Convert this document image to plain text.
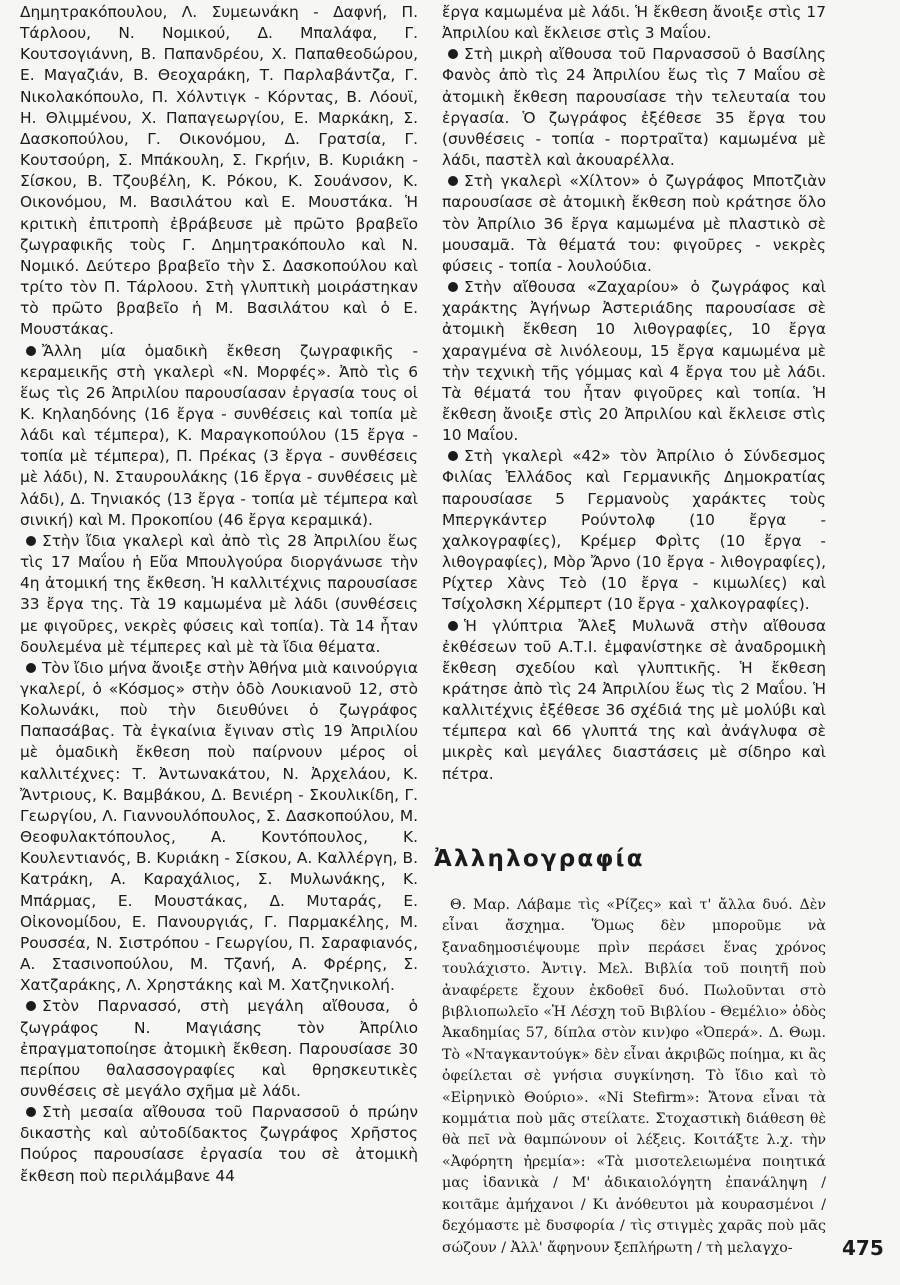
Δημητρακόπουλου, Λ. Συμεωνάκη - Δαφνή, Π. Τάρλοου, Ν. Νομικού, Δ. Μπαλάφα, Γ. Κουτσογιάννη, Β. Παπανδρέου, Χ. Παπαθεοδώρου, Ε. Μαγαζιάν, Β. Θεοχαράκη, Τ. Παρλαβάντζα, Γ. Νικολακόπουλο, Π. Χόλντιγκ - Κόρντας, Β. Λόουϊ, Η. Θλιμμένου, Χ. Παπαγεωργίου, Ε. Μαρκάκη, Σ. Δασκοπούλου, Γ. Οικονόμου, Δ. Γρατσία, Γ. Κουτσούρη, Σ. Μπάκουλη, Σ. Γκρήιν, Β. Κυριάκη - Σίσκου, Β. Τζουβέλη, Κ. Ρόκου, Κ. Σουάνσον, Κ. Οικονόμου, Μ. Βασιλάτου καὶ Ε. Μουστάκα. Ἡ κριτικὴ ἐπιτροπὴ ἐβράβευσε μὲ πρῶτο βραβεῖο ζωγραφικῆς τοὺς Γ. Δημητρακόπουλο καὶ Ν. Νομικό. Δεύτερο βραβεῖο τὴν Σ. Δασκοπούλου καὶ τρίτο τὸν Π. Τάρλοου. Στὴ γλυπτικὴ μοιράστηκαν τὸ πρῶτο βραβεῖο ἡ Μ. Βασιλάτου καὶ ὁ Ε. Μουστάκας.

Ἄλλη μία ὁμαδικὴ ἔκθεση ζωγραφικῆς - κεραμεικῆς στὴ γκαλερὶ «Ν. Μορφές». Ἀπὸ τὶς 6 ἕως τὶς 26 Ἀπριλίου παρουσίασαν ἐργασία τους οἱ Κ. Κηλαηδόνης (16 ἔργα - συνθέσεις καὶ τοπία μὲ λάδι καὶ τέμπερα), Κ. Μαραγκοπούλου (15 ἔργα - τοπία μὲ τέμπερα), Π. Πρέκας (3 ἔργα - συνθέσεις μὲ λάδι), Ν. Σταυρουλάκης (16 ἔργα - συνθέσεις μὲ λάδι), Δ. Τηνιακός (13 ἔργα - τοπία μὲ τέμπερα καὶ σινική) καὶ Μ. Προκοπίου (46 ἔργα κεραμικά).

Στὴν ἴδια γκαλερὶ καὶ ἀπὸ τὶς 28 Ἀπριλίου ἕως τὶς 17 Μαΐου ἡ Εὔα Μπουλγούρα διοργάνωσε τὴν 4η ἀτομική της ἔκθεση. Ἡ καλλιτέχνις παρουσίασε 33 ἔργα της. Τὰ 19 καμωμένα μὲ λάδι (συνθέσεις με φιγοῦρες, νεκρὲς φύσεις καὶ τοπία). Τὰ 14 ἦταν δουλεμένα μὲ τέμπερες καὶ μὲ τὰ ἴδια θέματα.

Τὸν ἴδιο μήνα ἄνοιξε στὴν Ἀθήνα μιὰ καινούργια γκαλερί, ὁ «Κόσμος» στὴν ὁδὸ Λουκιανοῦ 12, στὸ Κολωνάκι, ποὺ τὴν διευθύνει ὁ ζωγράφος Παπασάβας. Τὰ ἐγκαίνια ἔγιναν στὶς 19 Ἀπριλίου μὲ ὁμαδικὴ ἔκθεση ποὺ παίρνουν μέρος οἱ καλλιτέχνες: Τ. Ἀντωνακάτου, Ν. Ἀρχελάου, Κ. Ἄντριους, Κ. Βαμβάκου, Δ. Βενιέρη - Σκουλικίδη, Γ. Γεωργίου, Λ. Γιαννουλόπουλος, Σ. Δασκοπούλου, Μ. Θεοφυλακτόπουλος, Α. Κοντόπουλος, Κ. Κουλεντιανός, Β. Κυριάκη - Σίσκου, Α. Καλλέργη, Β. Κατράκη, Α. Καραχάλιος, Σ. Μυλωνάκης, Κ. Μπάρμας, Ε. Μουστάκας, Δ. Μυταράς, Ε. Οἰκονομίδου, Ε. Πανουργιάς, Γ. Παρμακέλης, Μ. Ρουσσέα, Ν. Σιστρόπου - Γεωργίου, Π. Σαραφιανός, Α. Στασινοπούλου, Μ. Τζανή, Α. Φρέρης, Σ. Χατζαράκης, Λ. Χρηστάκης καὶ Μ. Χατζηνικολή.

Στὸν Παρνασσό, στὴ μεγάλη αἴθουσα, ὁ ζωγράφος Ν. Μαγιάσης τὸν Ἀπρίλιο ἐπραγματοποίησε ἀτομικὴ ἔκθεση. Παρουσίασε 30 περίπου θαλασσογραφίες καὶ θρησκευτικὲς συνθέσεις σὲ μεγάλο σχῆμα μὲ λάδι.

Στὴ μεσαία αἴθουσα τοῦ Παρνασσοῦ ὁ πρώην δικαστὴς καὶ αὐτοδίδακτος ζωγράφος Χρῆστος Πούρος παρουσίασε ἐργασία του σὲ ἀτομικὴ ἔκθεση ποὺ περιλάμβανε 44

ἔργα καμωμένα μὲ λάδι. Ἡ ἔκθεση ἄνοιξε στὶς 17 Ἀπριλίου καὶ ἔκλεισε στὶς 3 Μαΐου.

Στὴ μικρὴ αἴθουσα τοῦ Παρνασσοῦ ὁ Βασίλης Φανὸς ἀπὸ τὶς 24 Ἀπριλίου ἕως τὶς 7 Μαΐου σὲ ἀτομικὴ ἔκθεση παρουσίασε τὴν τελευταία του ἐργασία. Ὁ ζωγράφος ἐξέθεσε 35 ἔργα του (συνθέσεις - τοπία - πορτραῖτα) καμωμένα μὲ λάδι, παστὲλ καὶ ἀκουαρέλλα.

Στὴ γκαλερὶ «Χίλτον» ὁ ζωγράφος Μποτζιὰν παρουσίασε σὲ ἀτομικὴ ἔκθεση ποὺ κράτησε ὅλο τὸν Ἀπρίλιο 36 ἔργα καμωμένα μὲ πλαστικὸ σὲ μουσαμᾶ. Τὰ θέματά του: φιγοῦρες - νεκρὲς φύσεις - τοπία - λουλούδια.

Στὴν αἴθουσα «Ζαχαρίου» ὁ ζωγράφος καὶ χαράκτης Ἀγήνωρ Ἀστεριάδης παρουσίασε σὲ ἀτομικὴ ἔκθεση 10 λιθογραφίες, 10 ἔργα χαραγμένα σὲ λινόλεουμ, 15 ἔργα καμωμένα μὲ τὴν τεχνικὴ τῆς γόμμας καὶ 4 ἔργα του μὲ λάδι. Τὰ θέματά του ἦταν φιγοῦρες καὶ τοπία. Ἡ ἔκθεση ἄνοιξε στὶς 20 Ἀπριλίου καὶ ἔκλεισε στὶς 10 Μαΐου.

Στὴ γκαλερὶ «42» τὸν Ἀπρίλιο ὁ Σύνδεσμος Φιλίας Ἑλλάδος καὶ Γερμανικῆς Δημοκρατίας παρουσίασε 5 Γερμανοὺς χαράκτες τοὺς Μπεργκάντερ Ρούντολφ (10 ἔργα - χαλκογραφίες), Κρέμερ Φρὶτς (10 ἔργα - λιθογραφίες), Μὸρ Ἄρνο (10 ἔργα - λιθογραφίες), Ρίχτερ Χὰνς Τεὸ (10 ἔργα - κιμωλίες) καὶ Τσίχολσκη Χέρμπερτ (10 ἔργα - χαλκογραφίες).

Ἡ γλύπτρια Ἄλεξ Μυλωνᾶ στὴν αἴθουσα ἐκθέσεων τοῦ Α.Τ.Ι. ἐμφανίστηκε σὲ ἀναδρομικὴ ἔκθεση σχεδίου καὶ γλυπτικῆς. Ἡ ἔκθεση κράτησε ἀπὸ τὶς 24 Ἀπριλίου ἕως τὶς 2 Μαΐου. Ἡ καλλιτέχνις ἐξέθεσε 36 σχέδιά της μὲ μολύβι καὶ τέμπερα καὶ 66 γλυπτά της καὶ ἀνάγλυφα σὲ μικρὲς καὶ μεγάλες διαστάσεις μὲ σίδηρο καὶ πέτρα.

Ἀλληλογραφία

Θ. Μαρ. Λάβαμε τὶς «Ρίζες» καὶ τ' ἄλλα δυό. Δὲν εἶναι ἄσχημα. Ὅμως δὲν μποροῦμε νὰ ξαναδημοσιέψουμε πρὶν περάσει ἕνας χρόνος τουλάχιστο. Ἀντιγ. Μελ. Βιβλία τοῦ ποιητῆ ποὺ ἀναφέρετε ἔχουν ἐκδοθεῖ δυό. Πωλοῦνται στὸ βιβλιοπωλεῖο «Ἡ Λέσχη τοῦ Βιβλίου - Θεμέλιο» ὁδὸς Ἀκαδημίας 57, δίπλα στὸν κιν)φο «Ὀπερά». Δ. Θωμ. Τὸ «Νταγκαντούγκ» δὲν εἶναι ἀκριβῶς ποίημα, κι ἂς ὀφείλεται σὲ γνήσια συγκίνηση. Τὸ ἴδιο καὶ τὸ «Εἰρηνικὸ Θούριο». «Ni Stefirm»: Ἄτονα εἶναι τὰ κομμάτια ποὺ μᾶς στείλατε. Στοχαστικὴ διάθεση θὲ θὰ πεῖ νὰ θαμπώνουν οἱ λέξεις. Κοιτάξτε λ.χ. τὴν «Ἀφόρητη ἠρεμία»: «Τὰ μισοτελειωμένα ποιητικά μας ἰδανικὰ / Μ' ἀδικαιολόγητη ἐπανάληψη / κοιτᾶμε ἀμήχανοι / Κι ἀνόθευτοι μὰ κουρασμένοι / δεχόμαστε μὲ δυσφορία / τὶς στιγμὲς χαρᾶς ποὺ μᾶς σώζουν / Ἀλλ' ἄφηνουν ξεπλήρωτη / τὴ μελαγχο-	475
